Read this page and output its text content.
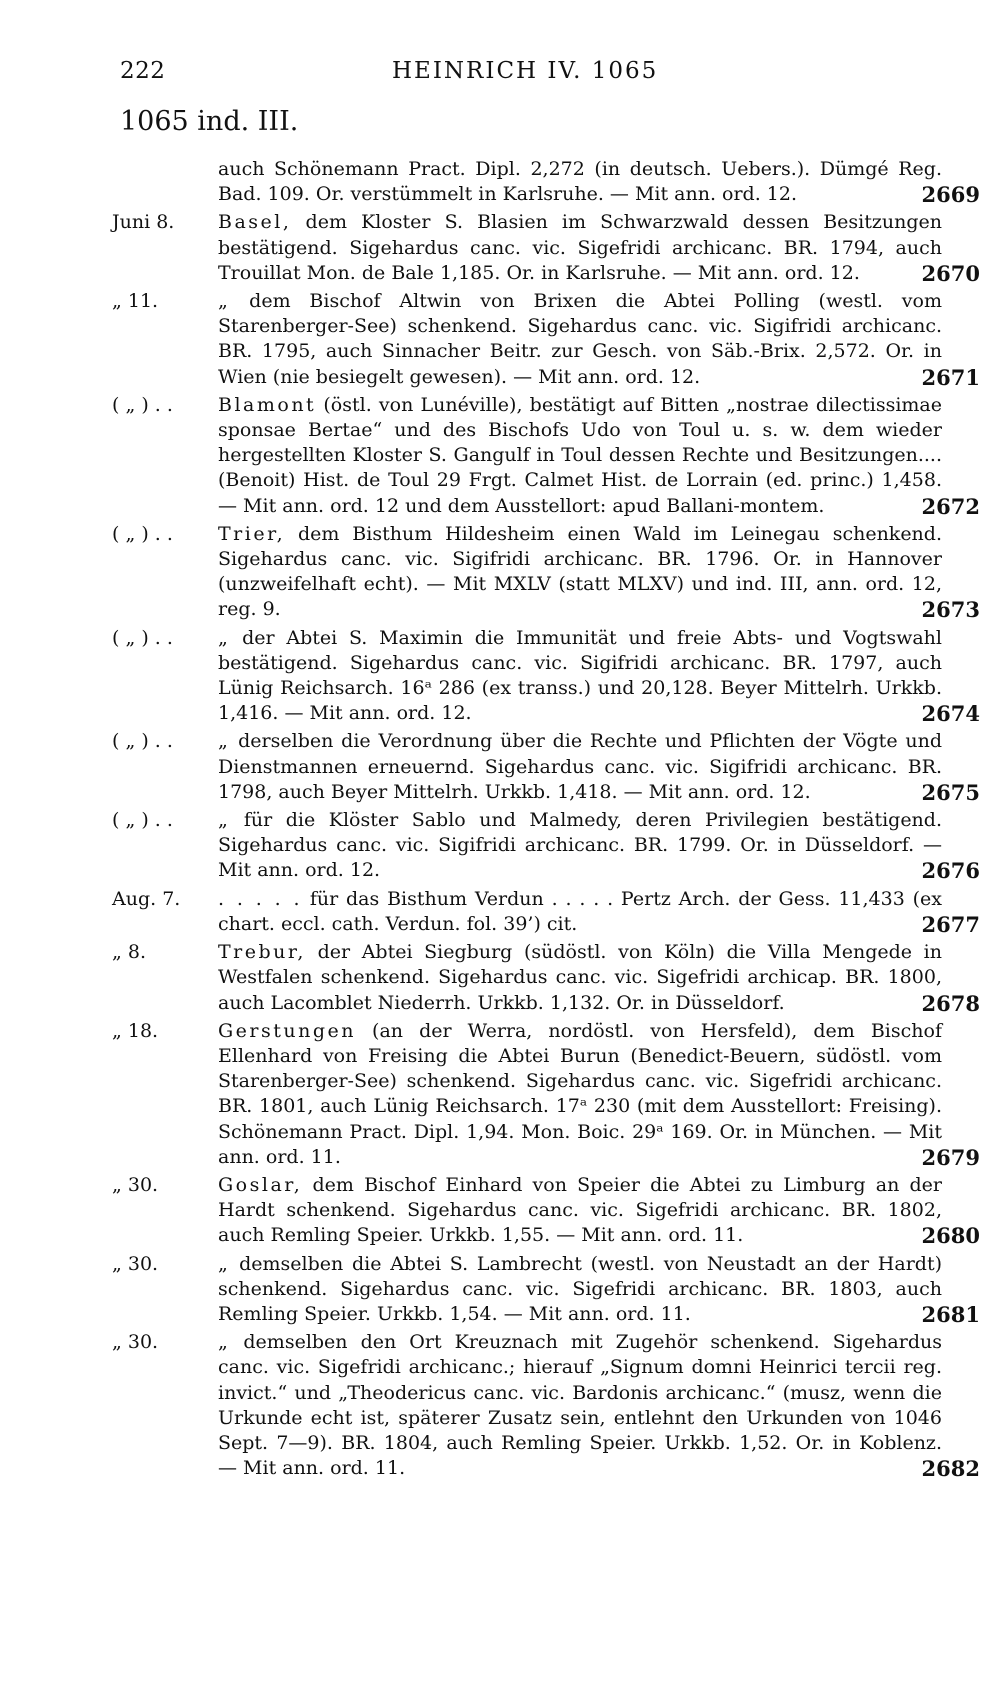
222	HEINRICH IV. 1065
1065 ind. III.
auch Schönemann Pract. Dipl. 2,272 (in deutsch. Uebers.). Dümgé Reg. Bad. 109. Or. verstümmelt in Karlsruhe. — Mit ann. ord. 12.	2669
Juni 8.	Basel, dem Kloster S. Blasien im Schwarzwald dessen Besitzungen bestätigend. Sigehardus canc. vic. Sigefridi archicanc. BR. 1794, auch Trouillat Mon. de Bale 1,185. Or. in Karlsruhe. — Mit ann. ord. 12.	2670
„ 11.	„ dem Bischof Altwin von Brixen die Abtei Polling (westl. vom Starenberger-See) schenkend. Sigehardus canc. vic. Sigifridi archicanc. BR. 1795, auch Sinnacher Beitr. zur Gesch. von Säb.-Brix. 2,572. Or. in Wien (nie besiegelt gewesen). — Mit ann. ord. 12.	2671
( „ ) . .	Blamont (östl. von Lunéville), bestätigt auf Bitten „nostrae dilectissimae sponsae Bertae“ und des Bischofs Udo von Toul u. s. w. dem wieder hergestellten Kloster S. Gangulf in Toul dessen Rechte und Besitzungen.... (Benoit) Hist. de Toul 29 Frgt. Calmet Hist. de Lorrain (ed. princ.) 1,458. — Mit ann. ord. 12 und dem Ausstellort: apud Ballani-montem.	2672
( „ ) . .	Trier, dem Bisthum Hildesheim einen Wald im Leinegau schenkend. Sigehardus canc. vic. Sigifridi archicanc. BR. 1796. Or. in Hannover (unzweifelhaft echt). — Mit MXLV (statt MLXV) und ind. III, ann. ord. 12, reg. 9.	2673
( „ ) . .	„ der Abtei S. Maximin die Immunität und freie Abts- und Vogtswahl bestätigend. Sigehardus canc. vic. Sigifridi archicanc. BR. 1797, auch Lünig Reichsarch. 16ᵃ 286 (ex transs.) und 20,128. Beyer Mittelrh. Urkkb. 1,416. — Mit ann. ord. 12.	2674
( „ ) . .	„ derselben die Verordnung über die Rechte und Pflichten der Vögte und Dienstmannen erneuernd. Sigehardus canc. vic. Sigifridi archicanc. BR. 1798, auch Beyer Mittelrh. Urkkb. 1,418. — Mit ann. ord. 12.	2675
( „ ) . .	„ für die Klöster Sablo und Malmedy, deren Privilegien bestätigend. Sigehardus canc. vic. Sigifridi archicanc. BR. 1799. Or. in Düsseldorf. — Mit ann. ord. 12.	2676
Aug. 7.	. . . . . für das Bisthum Verdun . . . . . Pertz Arch. der Gess. 11,433 (ex chart. eccl. cath. Verdun. fol. 39’) cit.	2677
„ 8.	Trebur, der Abtei Siegburg (südöstl. von Köln) die Villa Mengede in Westfalen schenkend. Sigehardus canc. vic. Sigefridi archicap. BR. 1800, auch Lacomblet Niederrh. Urkkb. 1,132. Or. in Düsseldorf.	2678
„ 18.	Gerstungen (an der Werra, nordöstl. von Hersfeld), dem Bischof Ellenhard von Freising die Abtei Burun (Benedict-Beuern, südöstl. vom Starenberger-See) schenkend. Sigehardus canc. vic. Sigefridi archicanc. BR. 1801, auch Lünig Reichsarch. 17ᵃ 230 (mit dem Ausstellort: Freising). Schönemann Pract. Dipl. 1,94. Mon. Boic. 29ᵃ 169. Or. in München. — Mit ann. ord. 11.	2679
„ 30.	Goslar, dem Bischof Einhard von Speier die Abtei zu Limburg an der Hardt schenkend. Sigehardus canc. vic. Sigefridi archicanc. BR. 1802, auch Remling Speier. Urkkb. 1,55. — Mit ann. ord. 11.	2680
„ 30.	„ demselben die Abtei S. Lambrecht (westl. von Neustadt an der Hardt) schenkend. Sigehardus canc. vic. Sigefridi archicanc. BR. 1803, auch Remling Speier. Urkkb. 1,54. — Mit ann. ord. 11.	2681
„ 30.	„ demselben den Ort Kreuznach mit Zugehör schenkend. Sigehardus canc. vic. Sigefridi archicanc.; hierauf „Signum domni Heinrici tercii reg. invict.“ und „Theodericus canc. vic. Bardonis archicanc.“ (musz, wenn die Urkunde echt ist, späterer Zusatz sein, entlehnt den Urkunden von 1046 Sept. 7—9). BR. 1804, auch Remling Speier. Urkkb. 1,52. Or. in Koblenz. — Mit ann. ord. 11.	2682
